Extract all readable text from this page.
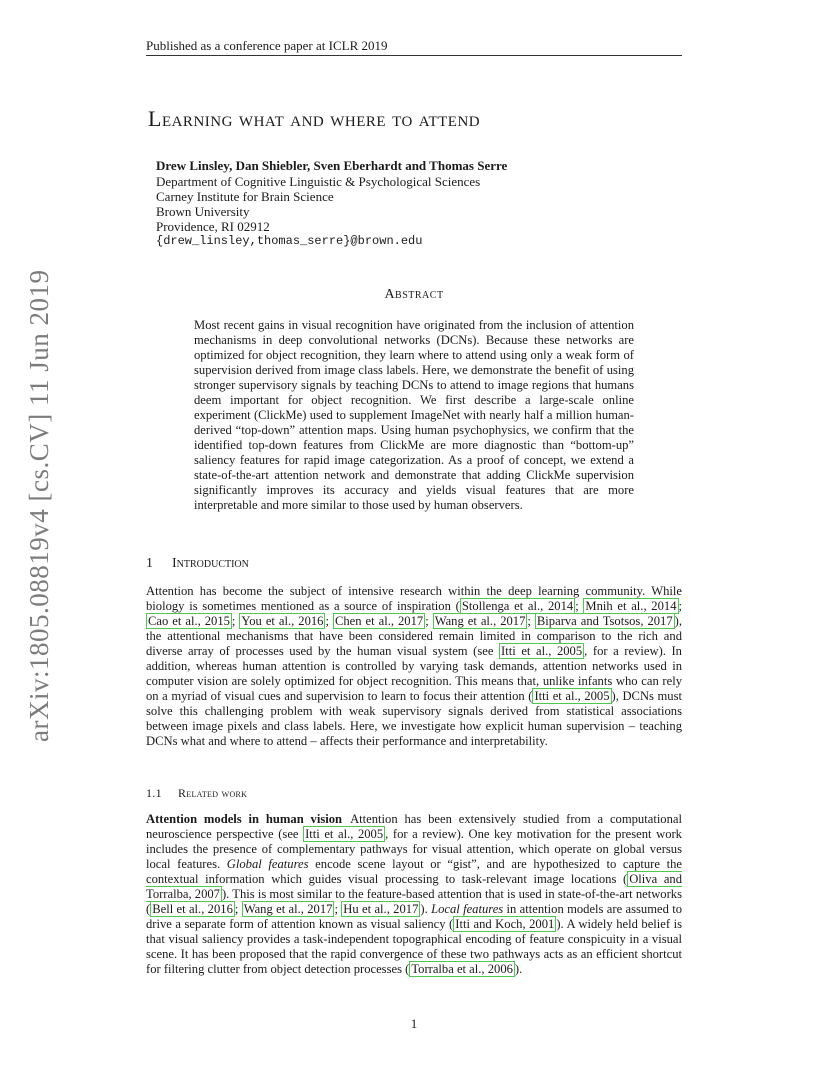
Published as a conference paper at ICLR 2019
Learning what and where to attend
Drew Linsley, Dan Shiebler, Sven Eberhardt and Thomas Serre
Department of Cognitive Linguistic & Psychological Sciences
Carney Institute for Brain Science
Brown University
Providence, RI 02912
{drew_linsley,thomas_serre}@brown.edu
arXiv:1805.08819v4 [cs.CV] 11 Jun 2019	Abstract
Most recent gains in visual recognition have originated from the inclusion of attention mechanisms in deep convolutional networks (DCNs). Because these networks are optimized for object recognition, they learn where to attend using only a weak form of supervision derived from image class labels. Here, we demonstrate the benefit of using stronger supervisory signals by teaching DCNs to attend to image regions that humans deem important for object recognition. We first describe a large-scale online experiment (ClickMe) used to supplement ImageNet with nearly half a million human-derived “top-down” attention maps. Using human psychophysics, we confirm that the identified top-down features from ClickMe are more diagnostic than “bottom-up” saliency features for rapid image categorization. As a proof of concept, we extend a state-of-the-art attention network and demonstrate that adding ClickMe supervision significantly improves its accuracy and yields visual features that are more interpretable and more similar to those used by human observers.
1 Introduction
Attention has become the subject of intensive research within the deep learning community. While biology is sometimes mentioned as a source of inspiration ( Stollenga et al., 2014 ; Mnih et al., 2014 ; Cao et al., 2015 ; You et al., 2016 ; Chen et al., 2017 ; Wang et al., 2017 ; Biparva and Tsotsos, 2017 ), the attentional mechanisms that have been considered remain limited in comparison to the rich and diverse array of processes used by the human visual system (see Itti et al., 2005 , for a review). In addition, whereas human attention is controlled by varying task demands, attention networks used in computer vision are solely optimized for object recognition. This means that, unlike infants who can rely on a myriad of visual cues and supervision to learn to focus their attention ( Itti et al., 2005 ), DCNs must solve this challenging problem with weak supervisory signals derived from statistical associations between image pixels and class labels. Here, we investigate how explicit human supervision – teaching DCNs what and where to attend – affects their performance and interpretability.
1.1 Related work
Attention models in human vision Attention has been extensively studied from a computational neuroscience perspective (see Itti et al., 2005 , for a review). One key motivation for the present work includes the presence of complementary pathways for visual attention, which operate on global versus local features. Global features encode scene layout or “gist”, and are hypothesized to capture the contextual information which guides visual processing to task-relevant image locations ( Oliva and Torralba, 2007 ). This is most similar to the feature-based attention that is used in state-of-the-art networks ( Bell et al., 2016 ; Wang et al., 2017 ; Hu et al., 2017 ). Local features in attention models are assumed to drive a separate form of attention known as visual saliency ( Itti and Koch, 2001 ). A widely held belief is that visual saliency provides a task-independent topographical encoding of feature conspicuity in a visual scene. It has been proposed that the rapid convergence of these two pathways acts as an efficient shortcut for filtering clutter from object detection processes ( Torralba et al., 2006 ).
1
